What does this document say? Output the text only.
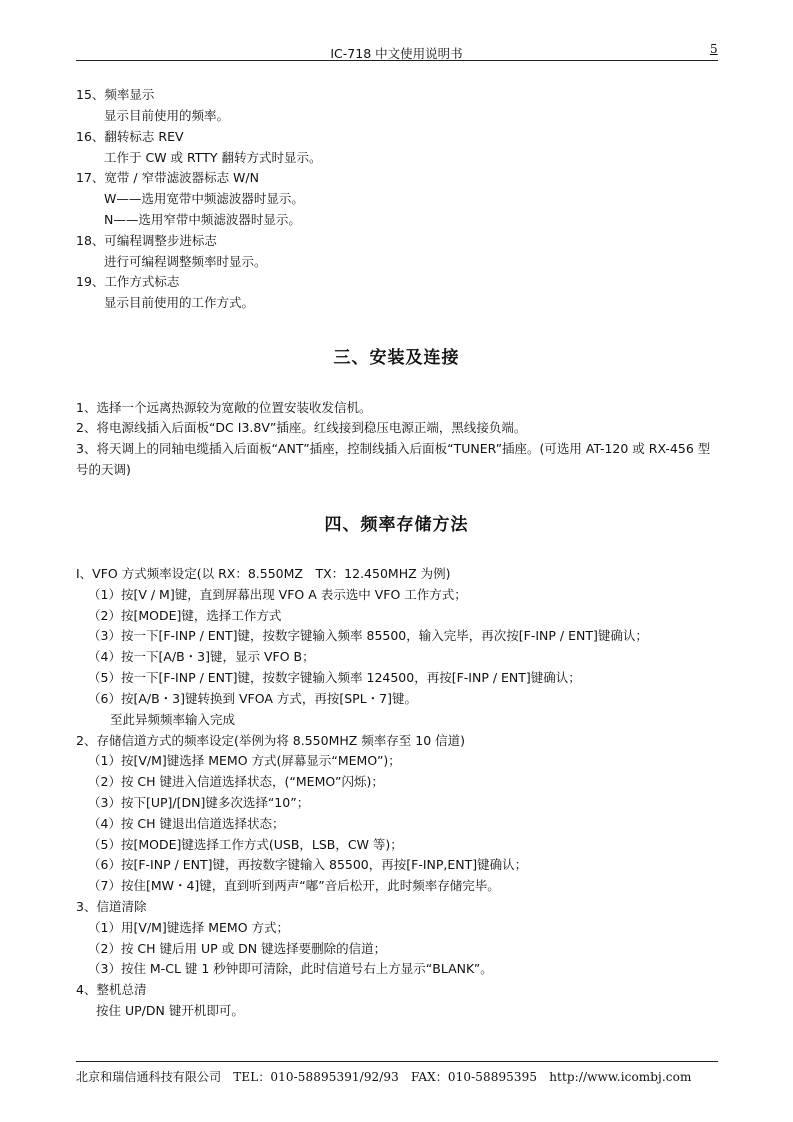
IC-718 中文使用说明书	5
15、频率显示
显示目前使用的频率。
16、翻转标志 REV
工作于 CW 或 RTTY 翻转方式时显示。
17、宽带 / 窄带滤波器标志 W/N
W——选用宽带中频滤波器时显示。
N——选用窄带中频滤波器时显示。
18、可编程调整步进标志
进行可编程调整频率时显示。
19、工作方式标志
显示目前使用的工作方式。
三、安装及连接
1、选择一个远离热源较为宽敞的位置安装收发信机。
2、将电源线插入后面板“DC I3.8V”插座。红线接到稳压电源正端，黑线接负端。
3、将天调上的同轴电缆插入后面板“ANT”插座，控制线插入后面板“TUNER”插座。(可选用 AT-120 或 RX-456 型号的天调)
四、频率存储方法
I、VFO 方式频率设定(以 RX：8.550MZ　TX：12.450MHZ 为例)
（1）按[V / M]键，直到屏幕出现 VFO A 表示选中 VFO 工作方式；
（2）按[MODE]键，选择工作方式
（3）按一下[F-INP / ENT]键，按数字键输入频率 85500，输入完毕，再次按[F-INP / ENT]键确认；
（4）按一下[A/B・3]键，显示 VFO B；
（5）按一下[F-INP / ENT]键，按数字键输入频率 124500，再按[F-INP / ENT]键确认；
（6）按[A/B・3]键转换到 VFOA 方式，再按[SPL・7]键。
至此异频频率输入完成
2、存储信道方式的频率设定(举例为将 8.550MHZ 频率存至 10 信道)
（1）按[V/M]键选择 MEMO 方式(屏幕显示“MEMO”)；
（2）按 CH 键进入信道选择状态，(“MEMO”闪烁)；
（3）按下[UP]/[DN]键多次选择“10”；
（4）按 CH 键退出信道选择状态；
（5）按[MODE]键选择工作方式(USB，LSB，CW 等)；
（6）按[F-INP / ENT]键，再按数字键输入 85500，再按[F-INP,ENT]键确认；
（7）按住[MW・4]键，直到听到两声“嘟”音后松开，此时频率存储完毕。
3、信道清除
（1）用[V/M]键选择 MEMO 方式；
（2）按 CH 键后用 UP 或 DN 键选择要删除的信道；
（3）按住 M-CL 键 1 秒钟即可清除，此时信道号右上方显示“BLANK”。
4、整机总清
按住 UP/DN 键开机即可。
北京和瑞信通科技有限公司　TEL：010-58895391/92/93　FAX：010-58895395　http://www.icombj.com
